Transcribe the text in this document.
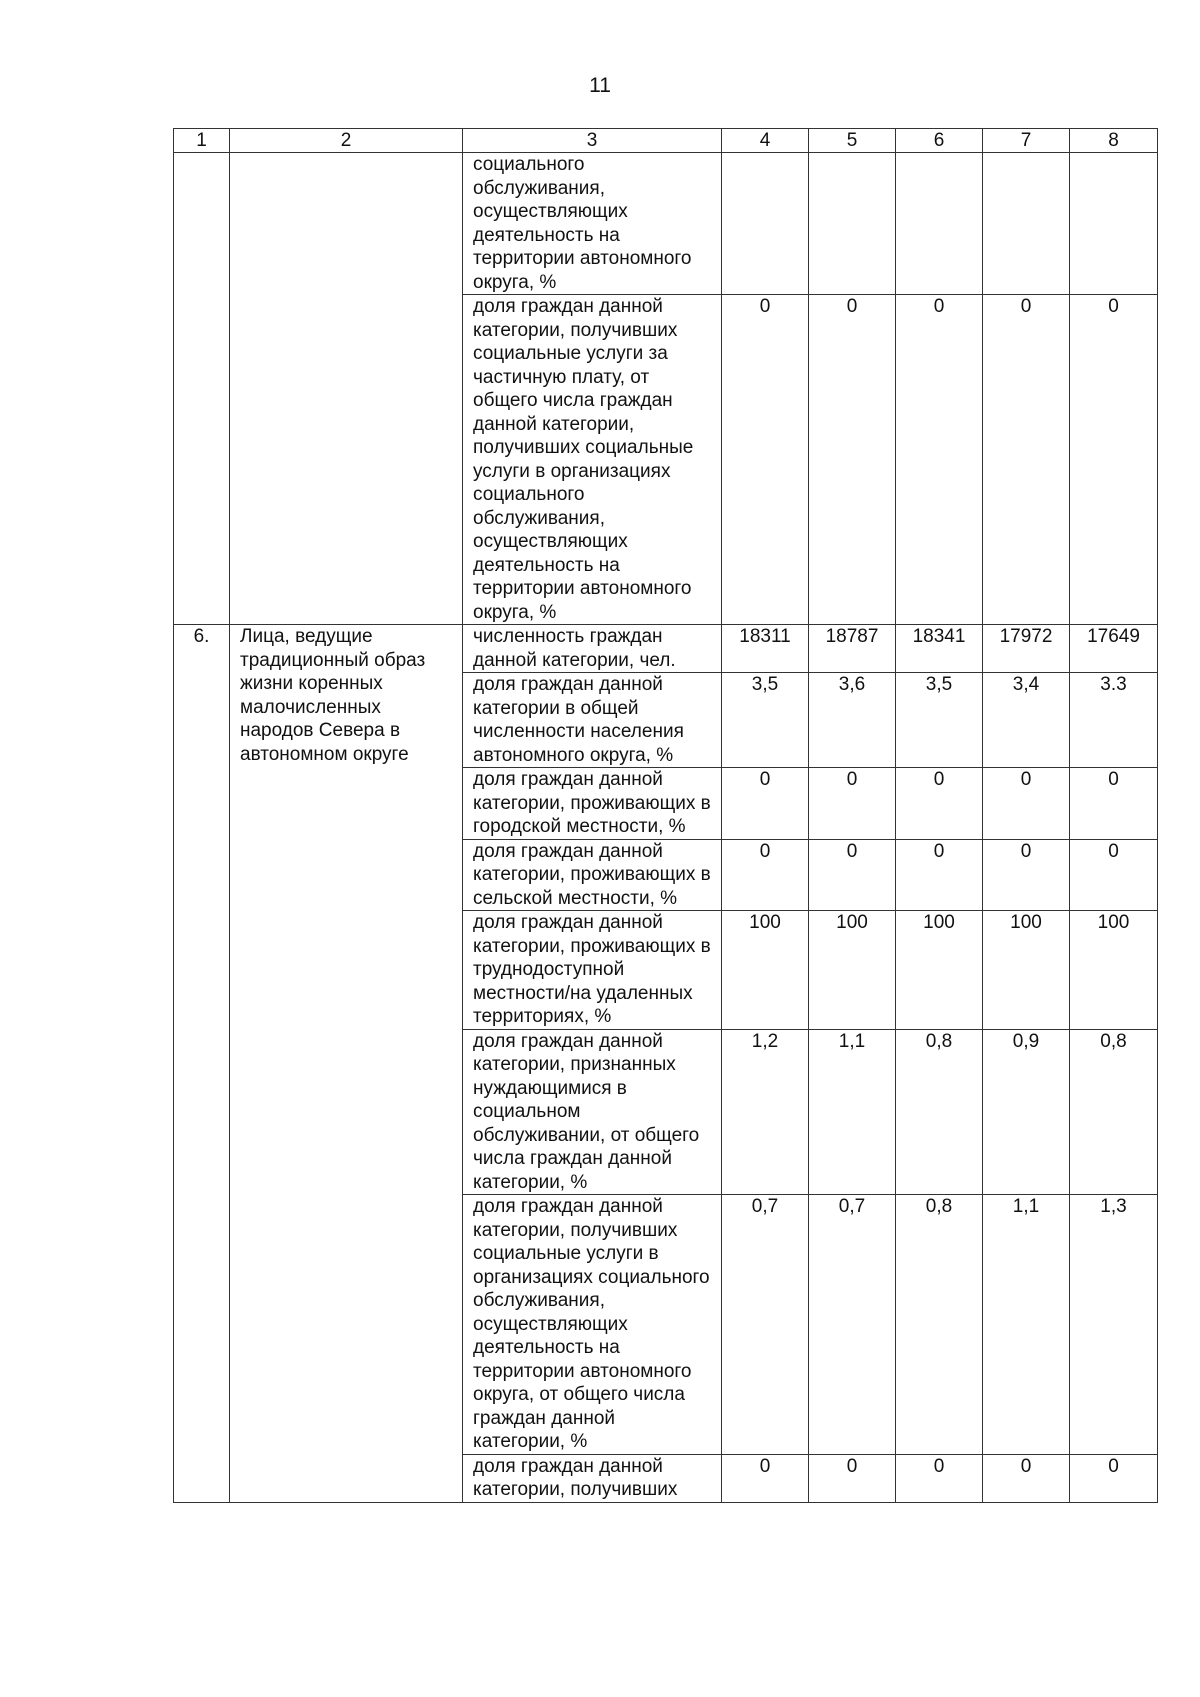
11
1	2	3	4	5	6	7	8
		социального обслуживания, осуществляющих деятельность на территории автономного округа, %					
		доля граждан данной категории, получивших социальные услуги за частичную плату, от общего числа граждан данной категории, получивших социальные услуги в организациях социального обслуживания, осуществляющих деятельность на территории автономного округа, %	0	0	0	0	0
6.	Лица, ведущие традиционный образ жизни коренных малочисленных народов Севера в автономном округе	численность граждан данной категории, чел.	18311	18787	18341	17972	17649
		доля граждан данной категории в общей численности населения автономного округа, %	3,5	3,6	3,5	3,4	3.3
		доля граждан данной категории, проживающих в городской местности, %	0	0	0	0	0
		доля граждан данной категории, проживающих в сельской местности, %	0	0	0	0	0
		доля граждан данной категории, проживающих в труднодоступной местности/на удаленных территориях, %	100	100	100	100	100
		доля граждан данной категории, признанных нуждающимися в социальном обслуживании, от общего числа граждан данной категории, %	1,2	1,1	0,8	0,9	0,8
		доля граждан данной категории, получивших социальные услуги в организациях социального обслуживания, осуществляющих деятельность на территории автономного округа, от общего числа граждан данной категории, %	0,7	0,7	0,8	1,1	1,3
		доля граждан данной категории, получивших	0	0	0	0	0
